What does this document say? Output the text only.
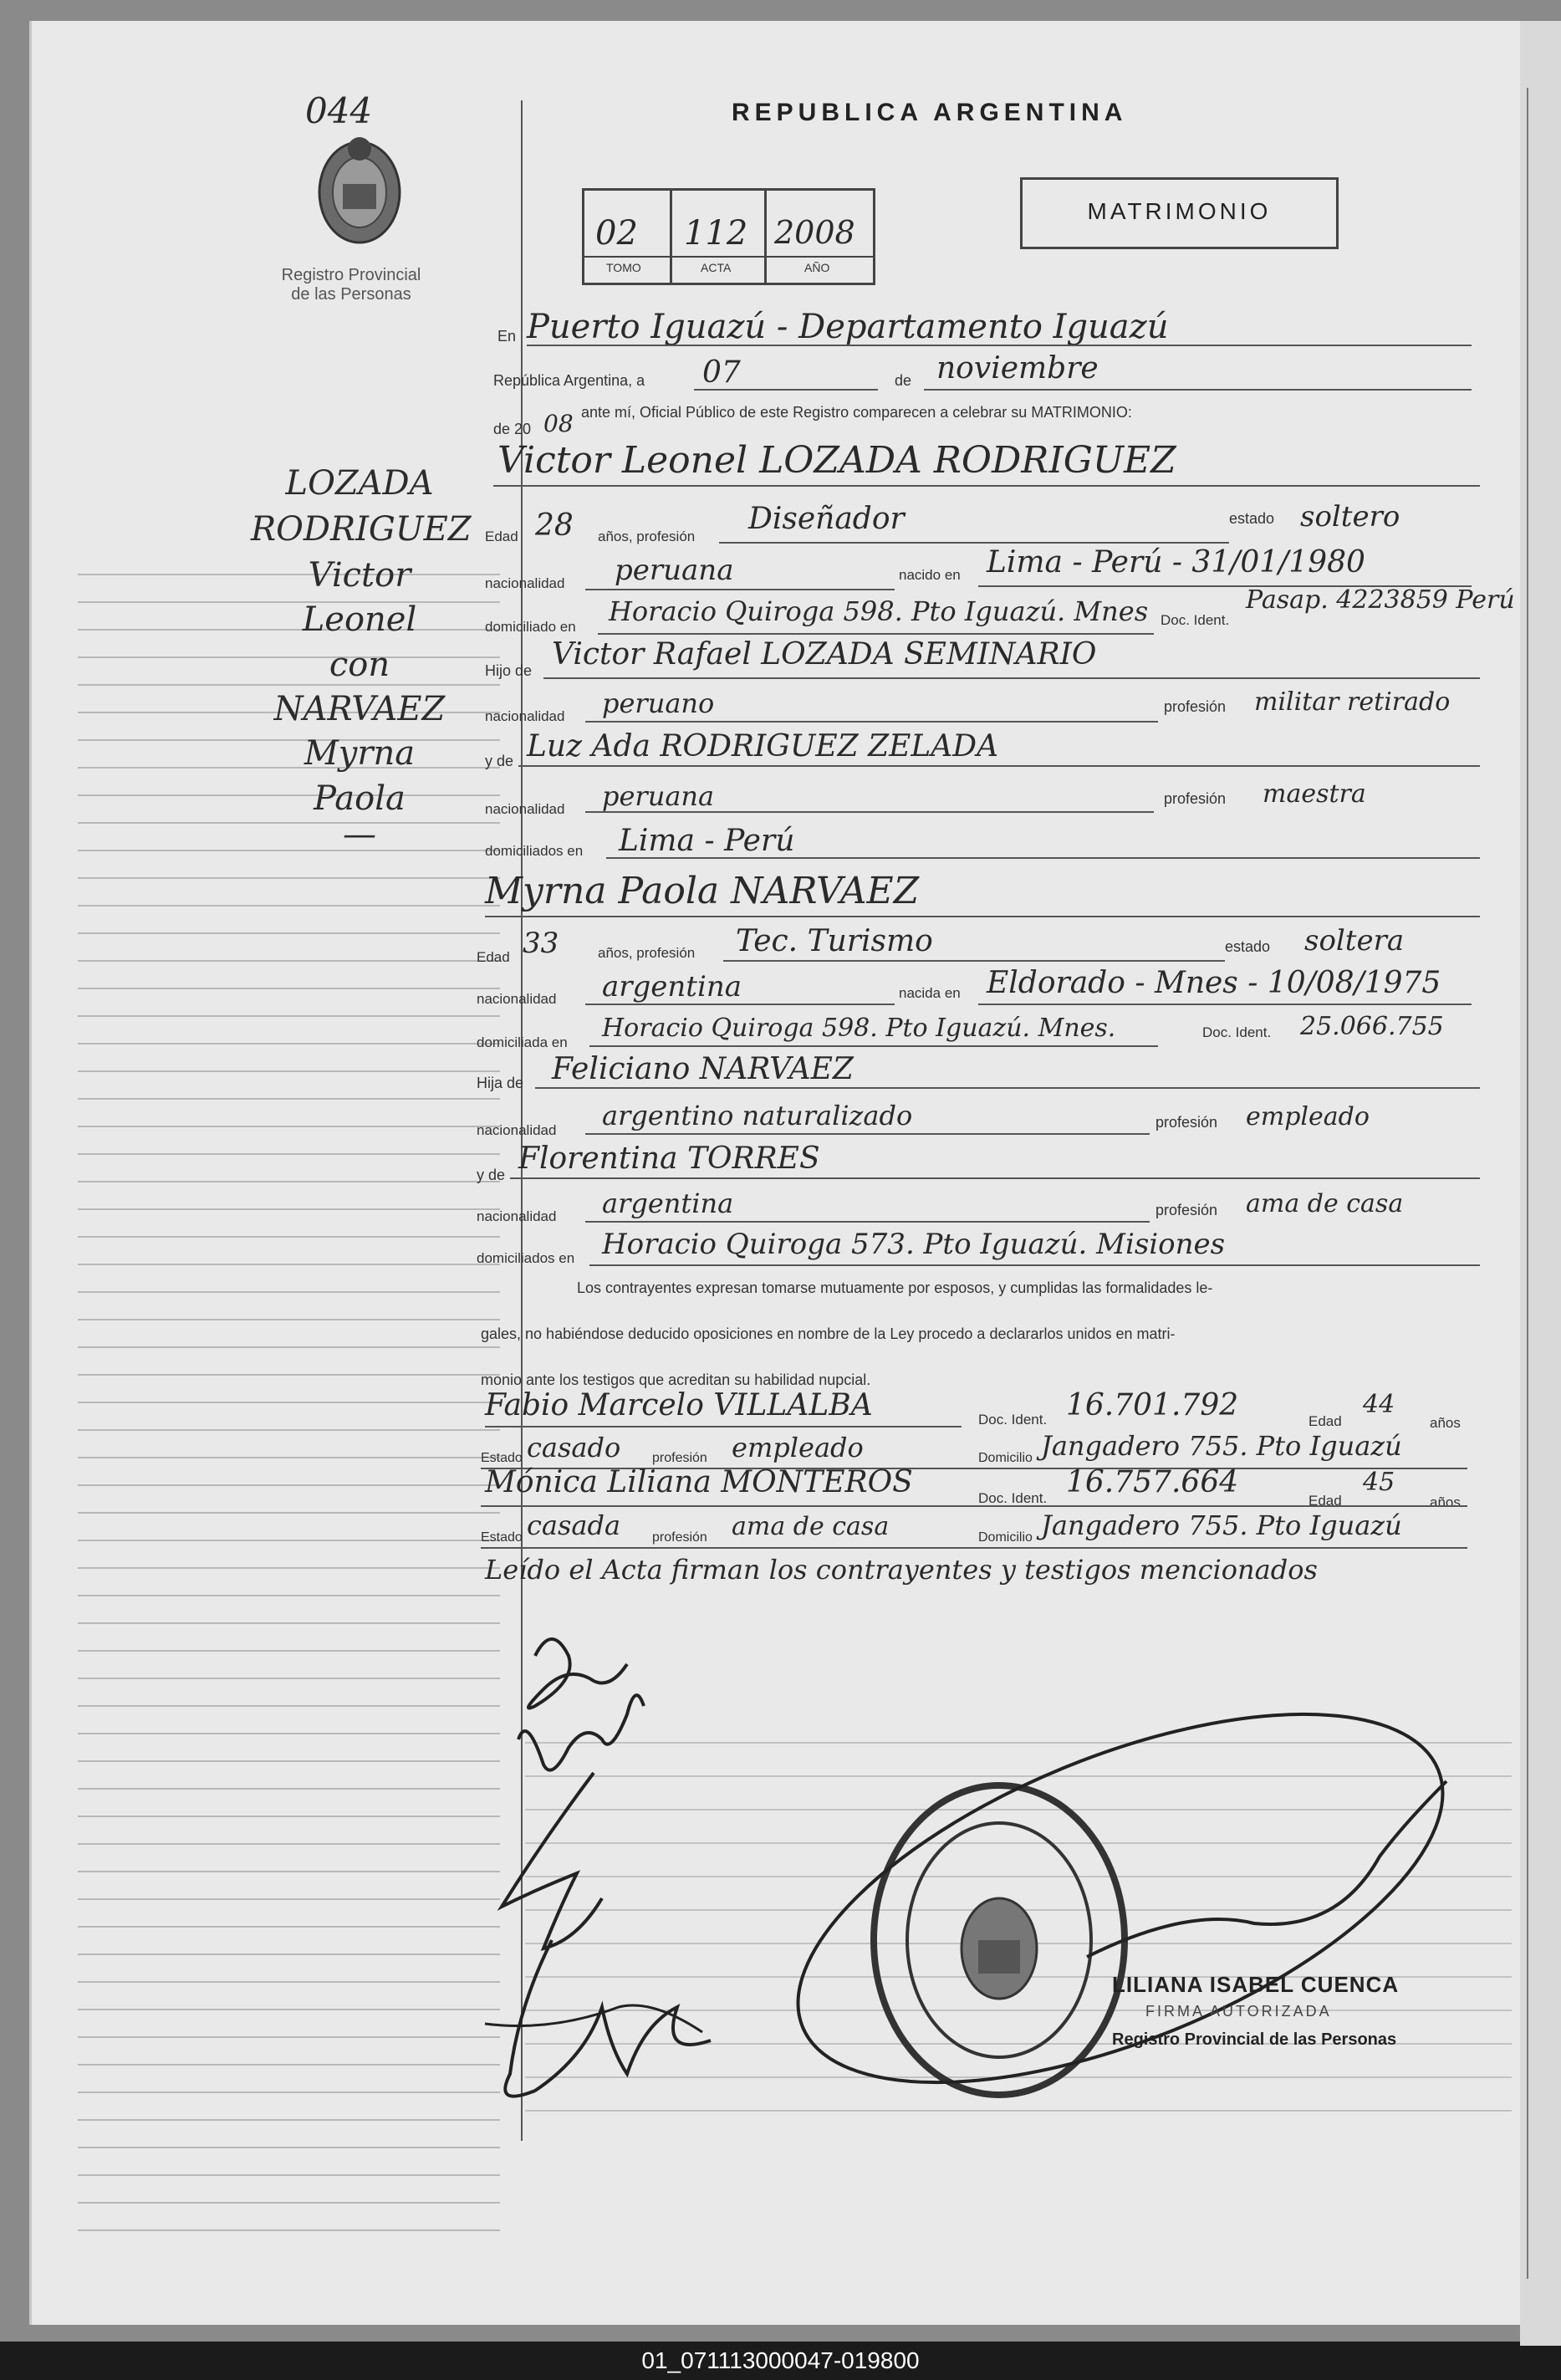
044
Registro Provincial
de las Personas
REPUBLICA ARGENTINA
02 112 2008
TOMO	ACTA	AÑO
MATRIMONIO
LOZADA
RODRIGUEZ
Victor
Leonel
con
NARVAEZ
Myrna
Paola
—
En Puerto Iguazú - Departamento Iguazú
República Argentina, a 07	de noviembre
de 20 08 ante mí, Oficial Público de este Registro comparecen a celebrar su MATRIMONIO:
Victor Leonel LOZADA RODRIGUEZ
Edad 28 años, profesión
Diseñador	estado soltero
nacionalidad peruana	nacido en Lima - Perú - 31/01/1980
domiciliado en Horacio Quiroga 598. Pto Iguazú. Mnes Doc. Ident.
Pasap. 4223859 Perú
Hijo de Victor Rafael LOZADA SEMINARIO
nacionalidad peruano	profesión militar retirado
y de Luz Ada RODRIGUEZ ZELADA
nacionalidad peruana	profesión maestra
domiciliados en Lima - Perú
Myrna Paola NARVAEZ
Edad 33	años, profesión Tec. Turismo	estado soltera
nacionalidad argentina	nacida en Eldorado - Mnes - 10/08/1975
domiciliada en Horacio Quiroga 598. Pto Iguazú. Mnes.	Doc. Ident. 25.066.755
Hija de Feliciano NARVAEZ
nacionalidad argentino naturalizado	profesión empleado
y de Florentina TORRES
nacionalidad argentina	profesión ama de casa
domiciliados en Horacio Quiroga 573. Pto Iguazú. Misiones
Los contrayentes expresan tomarse mutuamente por esposos, y cumplidas las formalidades le-
gales, no habiéndose deducido oposiciones en nombre de la Ley procedo a declararlos unidos en matri-
monio ante los testigos que acreditan su habilidad nupcial.
Fabio Marcelo VILLALBA	Doc. Ident. 16.701.792	Edad
44
años
Estado casado profesión empleado	Domicilio Jangadero 755. Pto Iguazú
Mónica Liliana MONTEROS	Doc. Ident. 16.757.664
Edad
45
años
Estado casada profesión ama de casa	Domicilio Jangadero 755. Pto Iguazú
Leído el Acta firman los contrayentes y testigos mencionados
LILIANA ISABEL CUENCA
FIRMA AUTORIZADA
Registro Provincial de las Personas
01_071113000047-019800
